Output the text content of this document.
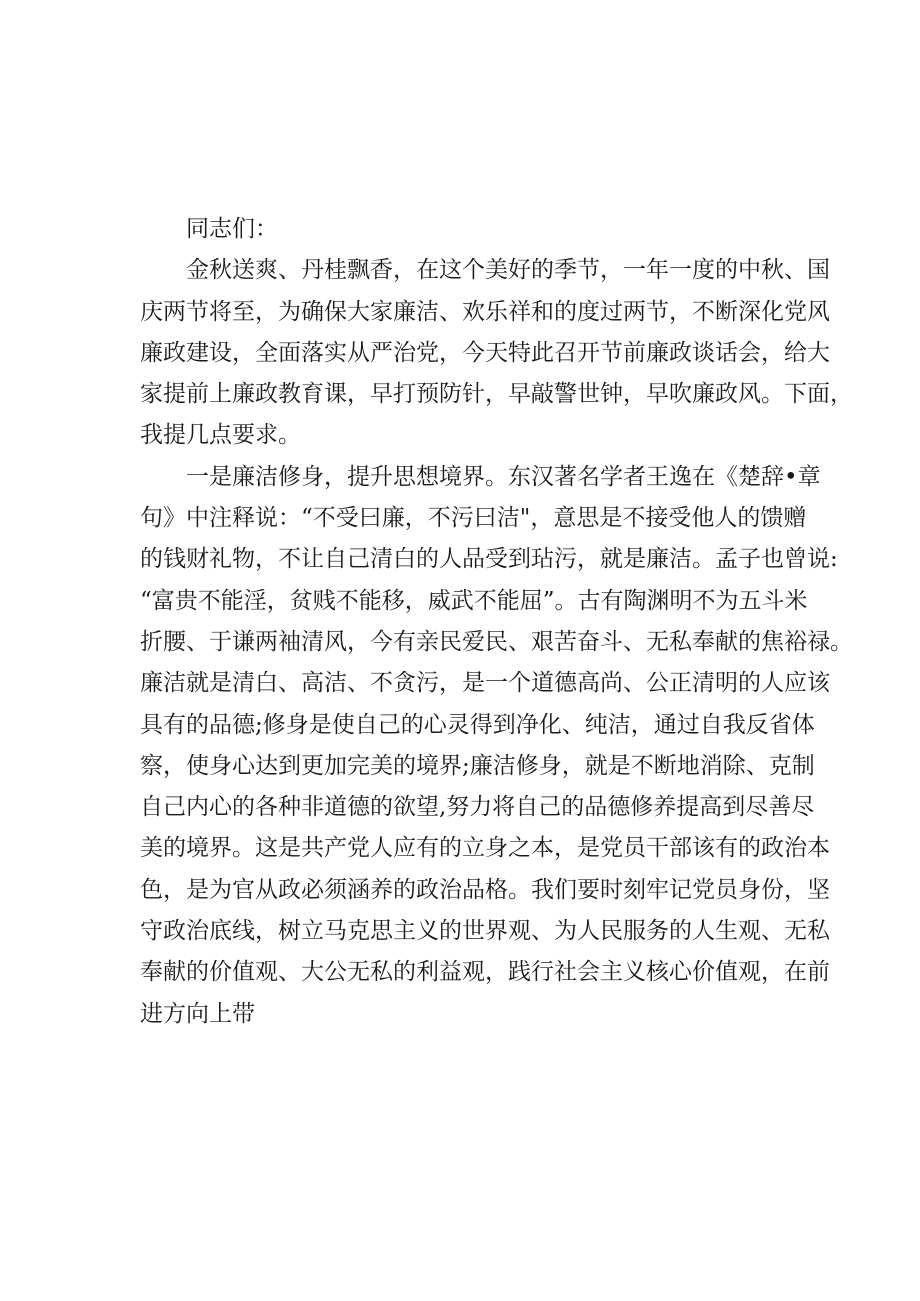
同志们：
金秋送爽、丹桂飘香，在这个美好的季节，一年一度的中秋、国
庆两节将至，为确保大家廉洁、欢乐祥和的度过两节，不断深化党风
廉政建设，全面落实从严治党，今天特此召开节前廉政谈话会，给大
家提前上廉政教育课，早打预防针，早敲警世钟，早吹廉政风。下面，
我提几点要求。
一是廉洁修身，提升思想境界。东汉著名学者王逸在《楚辞•章
句》中注释说：“不受曰廉，不污曰洁"，意思是不接受他人的馈赠
的钱财礼物，不让自己清白的人品受到玷污，就是廉洁。孟子也曾说:
“富贵不能淫，贫贱不能移，威武不能屈”。古有陶渊明不为五斗米
折腰、于谦两袖清风，今有亲民爱民、艰苦奋斗、无私奉献的焦裕禄。
廉洁就是清白、高洁、不贪污，是一个道德高尚、公正清明的人应该
具有的品德;修身是使自己的心灵得到净化、纯洁，通过自我反省体
察，使身心达到更加完美的境界;廉洁修身，就是不断地消除、克制
自己内心的各种非道德的欲望,努力将自己的品德修养提高到尽善尽
美的境界。这是共产党人应有的立身之本，是党员干部该有的政治本
色，是为官从政必须涵养的政治品格。我们要时刻牢记党员身份，坚
守政治底线，树立马克思主义的世界观、为人民服务的人生观、无私
奉献的价值观、大公无私的利益观，践行社会主义核心价值观，在前
进方向上带
